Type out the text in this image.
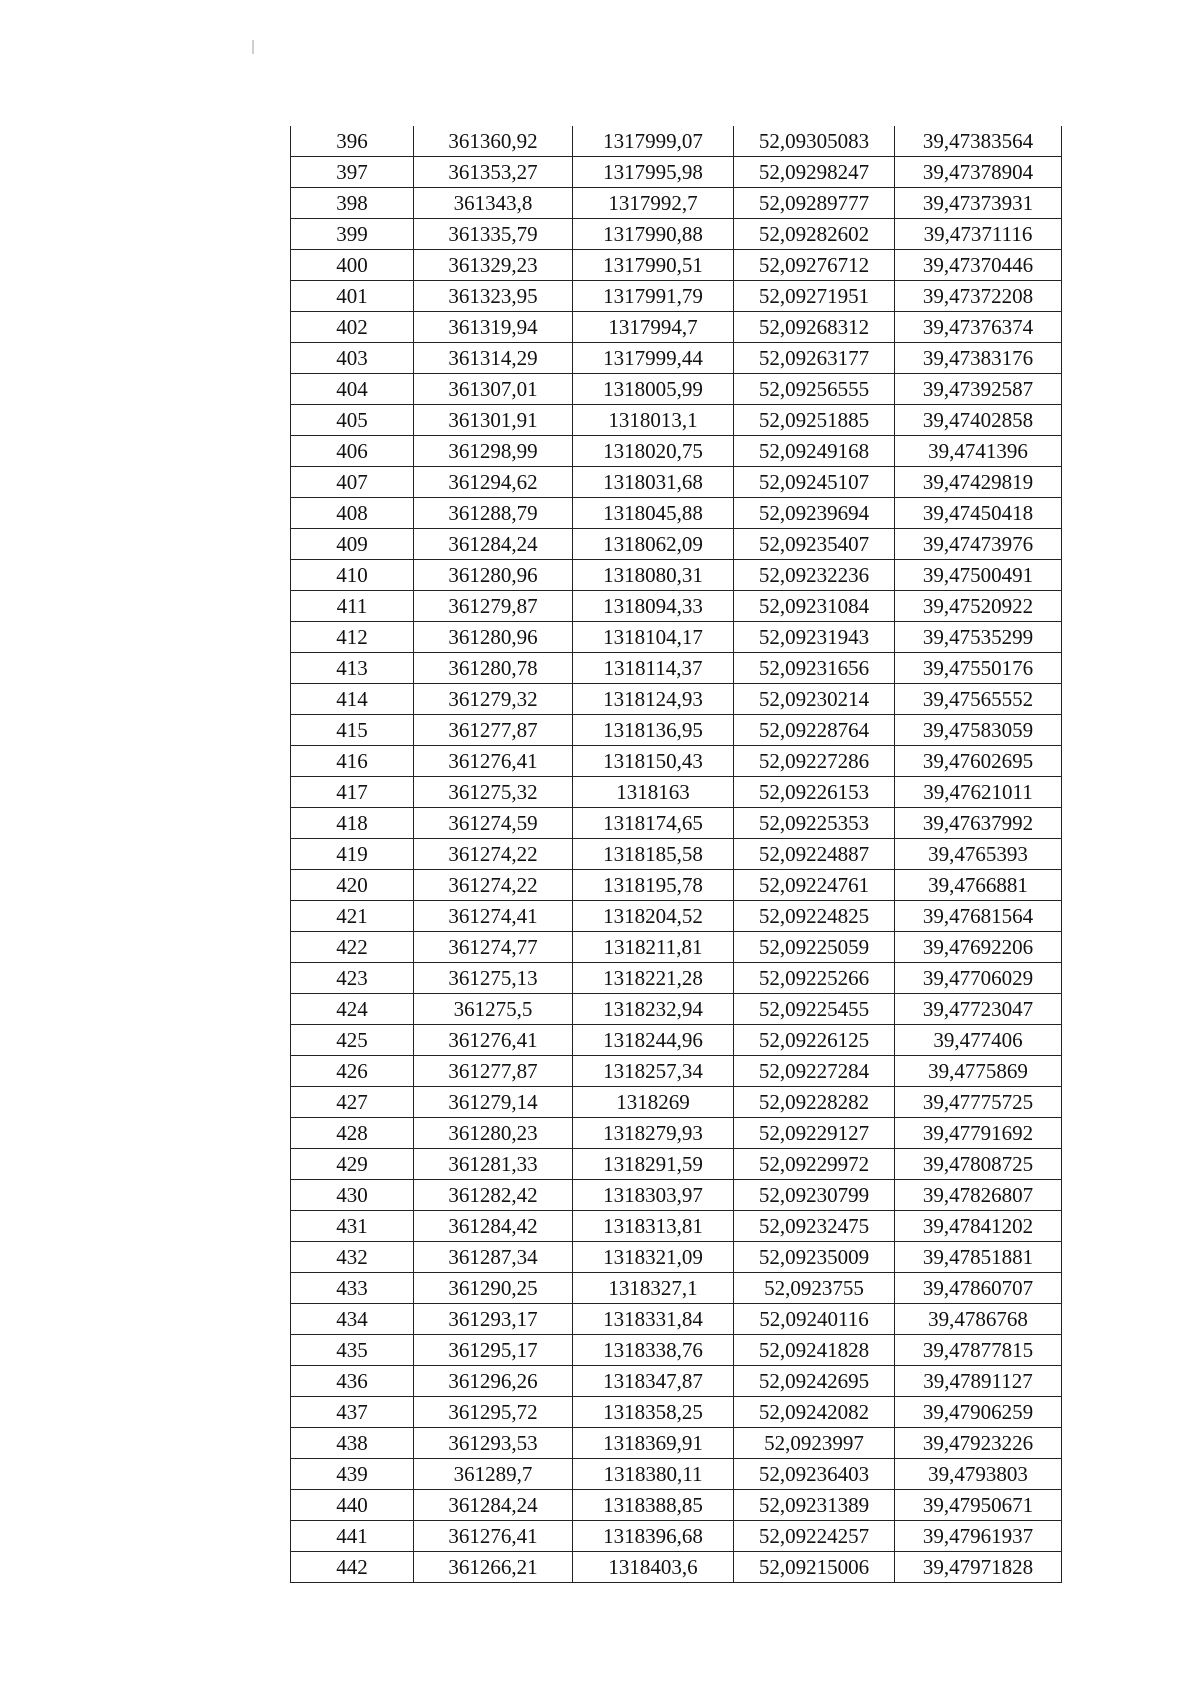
396	361360,92	1317999,07	52,09305083	39,47383564
397	361353,27	1317995,98	52,09298247	39,47378904
398	361343,8	1317992,7	52,09289777	39,47373931
399	361335,79	1317990,88	52,09282602	39,47371116
400	361329,23	1317990,51	52,09276712	39,47370446
401	361323,95	1317991,79	52,09271951	39,47372208
402	361319,94	1317994,7	52,09268312	39,47376374
403	361314,29	1317999,44	52,09263177	39,47383176
404	361307,01	1318005,99	52,09256555	39,47392587
405	361301,91	1318013,1	52,09251885	39,47402858
406	361298,99	1318020,75	52,09249168	39,4741396
407	361294,62	1318031,68	52,09245107	39,47429819
408	361288,79	1318045,88	52,09239694	39,47450418
409	361284,24	1318062,09	52,09235407	39,47473976
410	361280,96	1318080,31	52,09232236	39,47500491
411	361279,87	1318094,33	52,09231084	39,47520922
412	361280,96	1318104,17	52,09231943	39,47535299
413	361280,78	1318114,37	52,09231656	39,47550176
414	361279,32	1318124,93	52,09230214	39,47565552
415	361277,87	1318136,95	52,09228764	39,47583059
416	361276,41	1318150,43	52,09227286	39,47602695
417	361275,32	1318163	52,09226153	39,47621011
418	361274,59	1318174,65	52,09225353	39,47637992
419	361274,22	1318185,58	52,09224887	39,4765393
420	361274,22	1318195,78	52,09224761	39,4766881
421	361274,41	1318204,52	52,09224825	39,47681564
422	361274,77	1318211,81	52,09225059	39,47692206
423	361275,13	1318221,28	52,09225266	39,47706029
424	361275,5	1318232,94	52,09225455	39,47723047
425	361276,41	1318244,96	52,09226125	39,477406
426	361277,87	1318257,34	52,09227284	39,4775869
427	361279,14	1318269	52,09228282	39,47775725
428	361280,23	1318279,93	52,09229127	39,47791692
429	361281,33	1318291,59	52,09229972	39,47808725
430	361282,42	1318303,97	52,09230799	39,47826807
431	361284,42	1318313,81	52,09232475	39,47841202
432	361287,34	1318321,09	52,09235009	39,47851881
433	361290,25	1318327,1	52,0923755	39,47860707
434	361293,17	1318331,84	52,09240116	39,4786768
435	361295,17	1318338,76	52,09241828	39,47877815
436	361296,26	1318347,87	52,09242695	39,47891127
437	361295,72	1318358,25	52,09242082	39,47906259
438	361293,53	1318369,91	52,0923997	39,47923226
439	361289,7	1318380,11	52,09236403	39,4793803
440	361284,24	1318388,85	52,09231389	39,47950671
441	361276,41	1318396,68	52,09224257	39,47961937
442	361266,21	1318403,6	52,09215006	39,47971828
